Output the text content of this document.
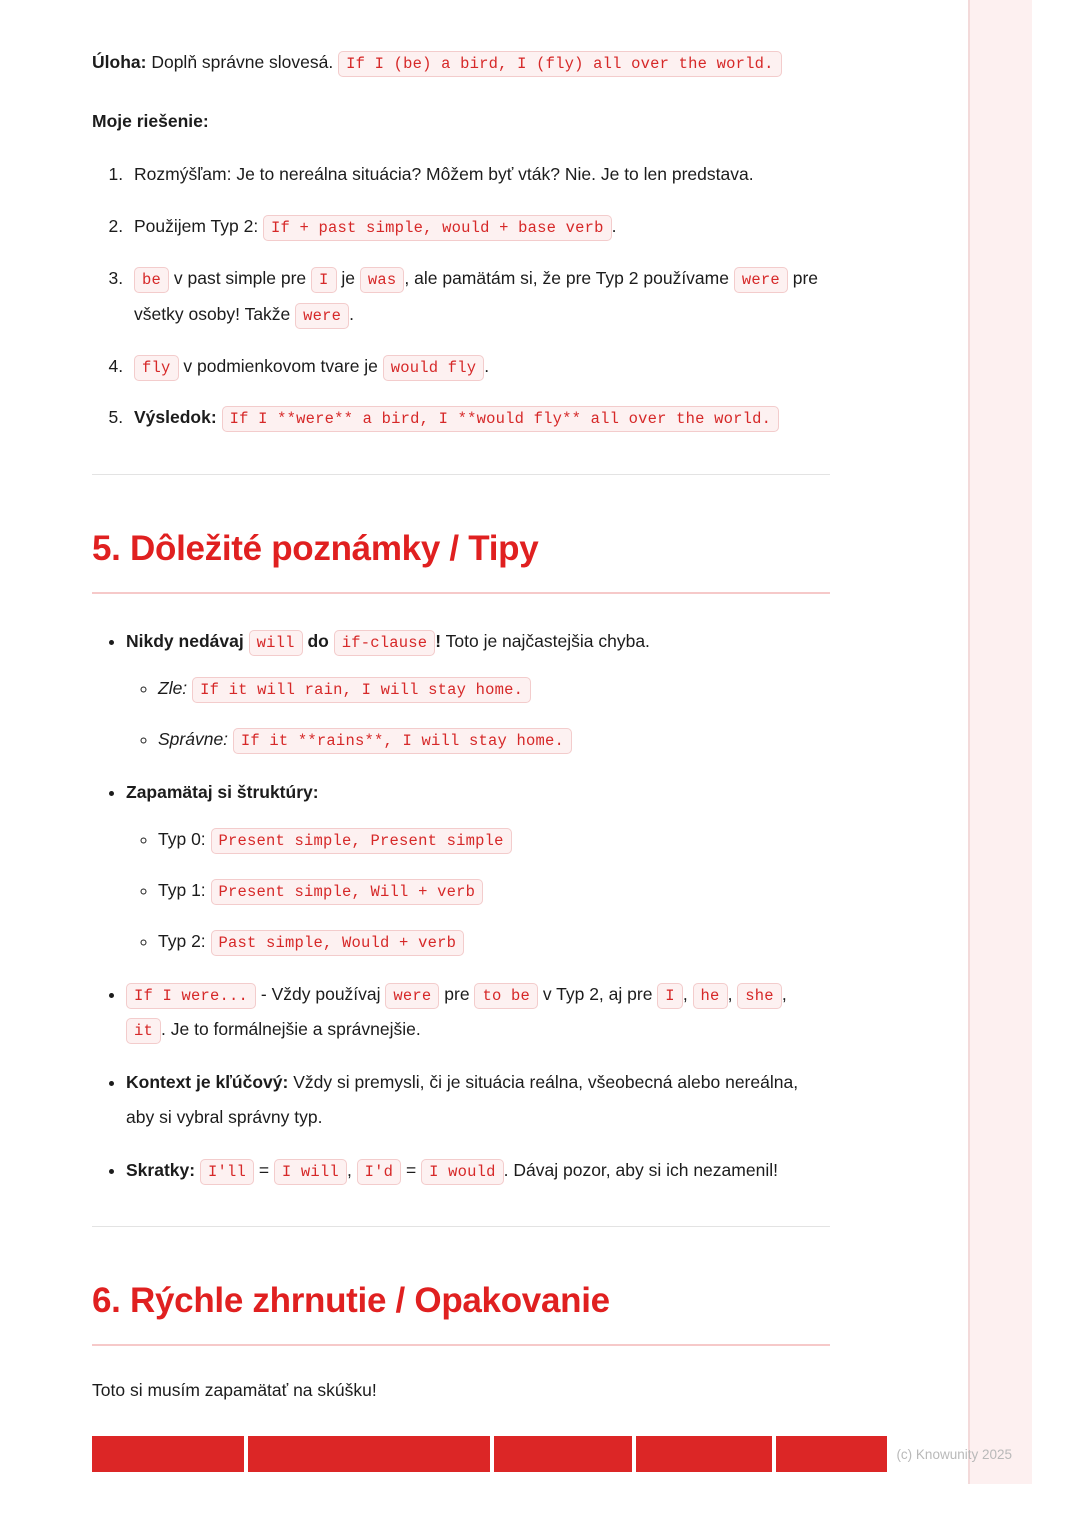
Úloha: Doplň správne slovesá. If I (be) a bird, I (fly) all over the world.

Moje riešenie:

1. Rozmýšľam: Je to nereálna situácia? Môžem byť vták? Nie. Je to len predstava.
2. Použijem Typ 2: If + past simple, would + base verb .
3. be v past simple pre I je was , ale pamätám si, že pre Typ 2 používame were pre všetky osoby! Takže were .
4. fly v podmienkovom tvare je would fly .
5. Výsledok: If I **were** a bird, I **would fly** all over the world.
5. Dôležité poznámky / Tipy
• Nikdy nedávaj will do if-clause ! Toto je najčastejšia chyba.
◦ Zle: If it will rain, I will stay home.
◦ Správne: If it **rains**, I will stay home.
• Zapamätaj si štruktúry:
◦ Typ 0: Present simple, Present simple
◦ Typ 1: Present simple, Will + verb
◦ Typ 2: Past simple, Would + verb
• If I were... - Vždy používaj were pre to be v Typ 2, aj pre I , he , she , it . Je to formálnejšie a správnejšie.
• Kontext je kľúčový: Vždy si premysli, či je situácia reálna, všeobecná alebo nereálna, aby si vybral správny typ.
• Skratky: I'll = I will , I'd = I would . Dávaj pozor, aby si ich nezamenil!
6. Rýchle zhrnutie / Opakovanie

Toto si musím zapamätať na skúšku!

(c) Knowunity 2025
